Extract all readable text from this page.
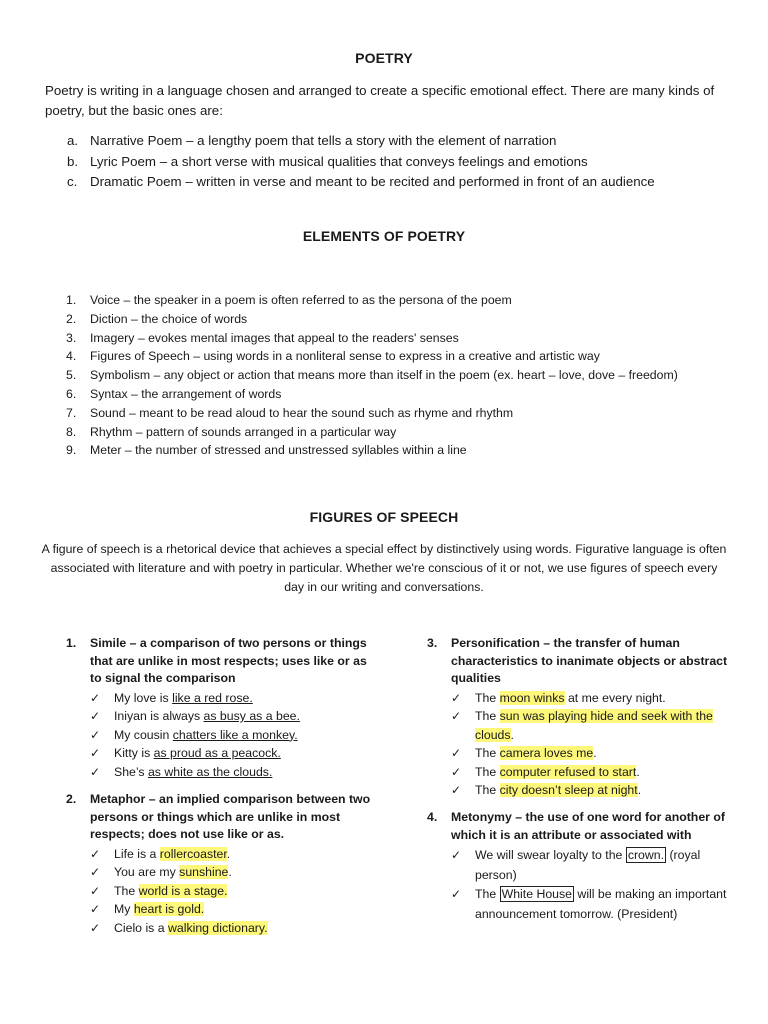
POETRY
Poetry is writing in a language chosen and arranged to create a specific emotional effect. There are many kinds of poetry, but the basic ones are:
a. Narrative Poem – a lengthy poem that tells a story with the element of narration
b. Lyric Poem – a short verse with musical qualities that conveys feelings and emotions
c. Dramatic Poem – written in verse and meant to be recited and performed in front of an audience
ELEMENTS OF POETRY
1. Voice – the speaker in a poem is often referred to as the persona of the poem
2. Diction – the choice of words
3. Imagery – evokes mental images that appeal to the readers' senses
4. Figures of Speech – using words in a nonliteral sense to express in a creative and artistic way
5. Symbolism – any object or action that means more than itself in the poem (ex. heart – love, dove – freedom)
6. Syntax – the arrangement of words
7. Sound – meant to be read aloud to hear the sound such as rhyme and rhythm
8. Rhythm – pattern of sounds arranged in a particular way
9. Meter – the number of stressed and unstressed syllables within a line
FIGURES OF SPEECH
A figure of speech is a rhetorical device that achieves a special effect by distinctively using words. Figurative language is often associated with literature and with poetry in particular. Whether we're conscious of it or not, we use figures of speech every day in our writing and conversations.
1. Simile – a comparison of two persons or things that are unlike in most respects; uses like or as to signal the comparison
✓ My love is like a red rose.
✓ Iniyan is always as busy as a bee.
✓ My cousin chatters like a monkey.
✓ Kitty is as proud as a peacock.
✓ She’s as white as the clouds.
2. Metaphor – an implied comparison between two persons or things which are unlike in most respects; does not use like or as.
✓ Life is a rollercoaster.
✓ You are my sunshine.
✓ The world is a stage.
✓ My heart is gold.
✓ Cielo is a walking dictionary.
3. Personification – the transfer of human characteristics to inanimate objects or abstract qualities
✓ The moon winks at me every night.
✓ The sun was playing hide and seek with the clouds.
✓ The camera loves me.
✓ The computer refused to start.
✓ The city doesn’t sleep at night.
4. Metonymy – the use of one word for another of which it is an attribute or associated with
✓ We will swear loyalty to the crown. (royal person)
✓ The White House will be making an important announcement tomorrow. (President)
